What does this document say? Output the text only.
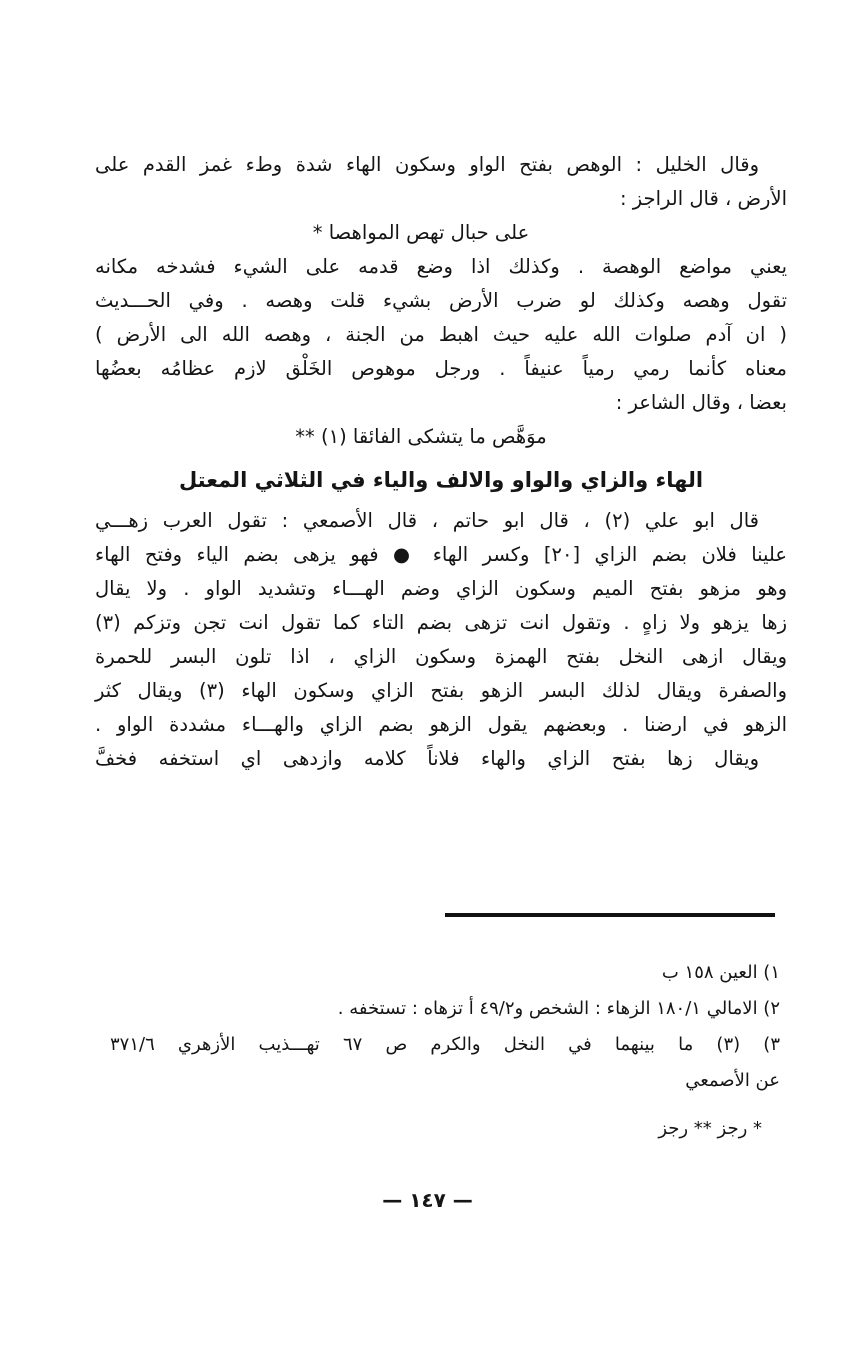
وقال الخليل : الوهص بفتح الواو وسكون الهاء شدة وطء غمز القدم على
الأرض ، قال الراجز :
على حبال تهص المواهصا *
يعني مواضع الوهصة . وكذلك اذا وضع قدمه على الشيء فشدخه مكانه
تقول وهصه وكذلك لو ضرب الأرض بشيء قلت وهصه . وفي الحـــديث
( ان آدم صلوات الله عليه حيث اهبط من الجنة ، وهصه الله الى الأرض )
معناه كأنما رمي رمياً عنيفاً . ورجل موهوص الخَلْق لازم عظامُه بعضُها
بعضا ، وقال الشاعر :
موَهَّص ما يتشكى الفائقا (١) **
الهاء والزاي والواو والالف والياء في الثلاثي المعتل
قال ابو علي (٢) ، قال ابو حاتم ، قال الأصمعي : تقول العرب زهـــي
علينا فلان بضم الزاي [٢٠] وكسر الهاء ● فهو يزهى بضم الياء وفتح الهاء
وهو مزهو بفتح الميم وسكون الزاي وضم الهـــاء وتشديد الواو . ولا يقال
زها يزهو ولا زاهٍ . وتقول انت تزهى بضم التاء كما تقول انت تجن وتزكم (٣)
ويقال ازهى النخل بفتح الهمزة وسكون الزاي ، اذا تلون البسر للحمرة
والصفرة ويقال لذلك البسر الزهو بفتح الزاي وسكون الهاء (٣) ويقال كثر
الزهو في ارضنا . وبعضهم يقول الزهو بضم الزاي والهـــاء مشددة الواو .
ويقال زها بفتح الزاي والهاء فلاناً كلامه وازدهى اي استخفه فخفَّ
١) العين ١٥٨ ب
٢) الامالي ١٨٠/١ الزهاء : الشخص و٤٩/٢ أ تزهاه : تستخفه .
٣) (٣) ما بينهما في النخل والكرم ص ٦٧ تهـــذيب الأزهري ٣٧١/٦
عن الأصمعي
* رجز ** رجز
— ١٤٧ —
